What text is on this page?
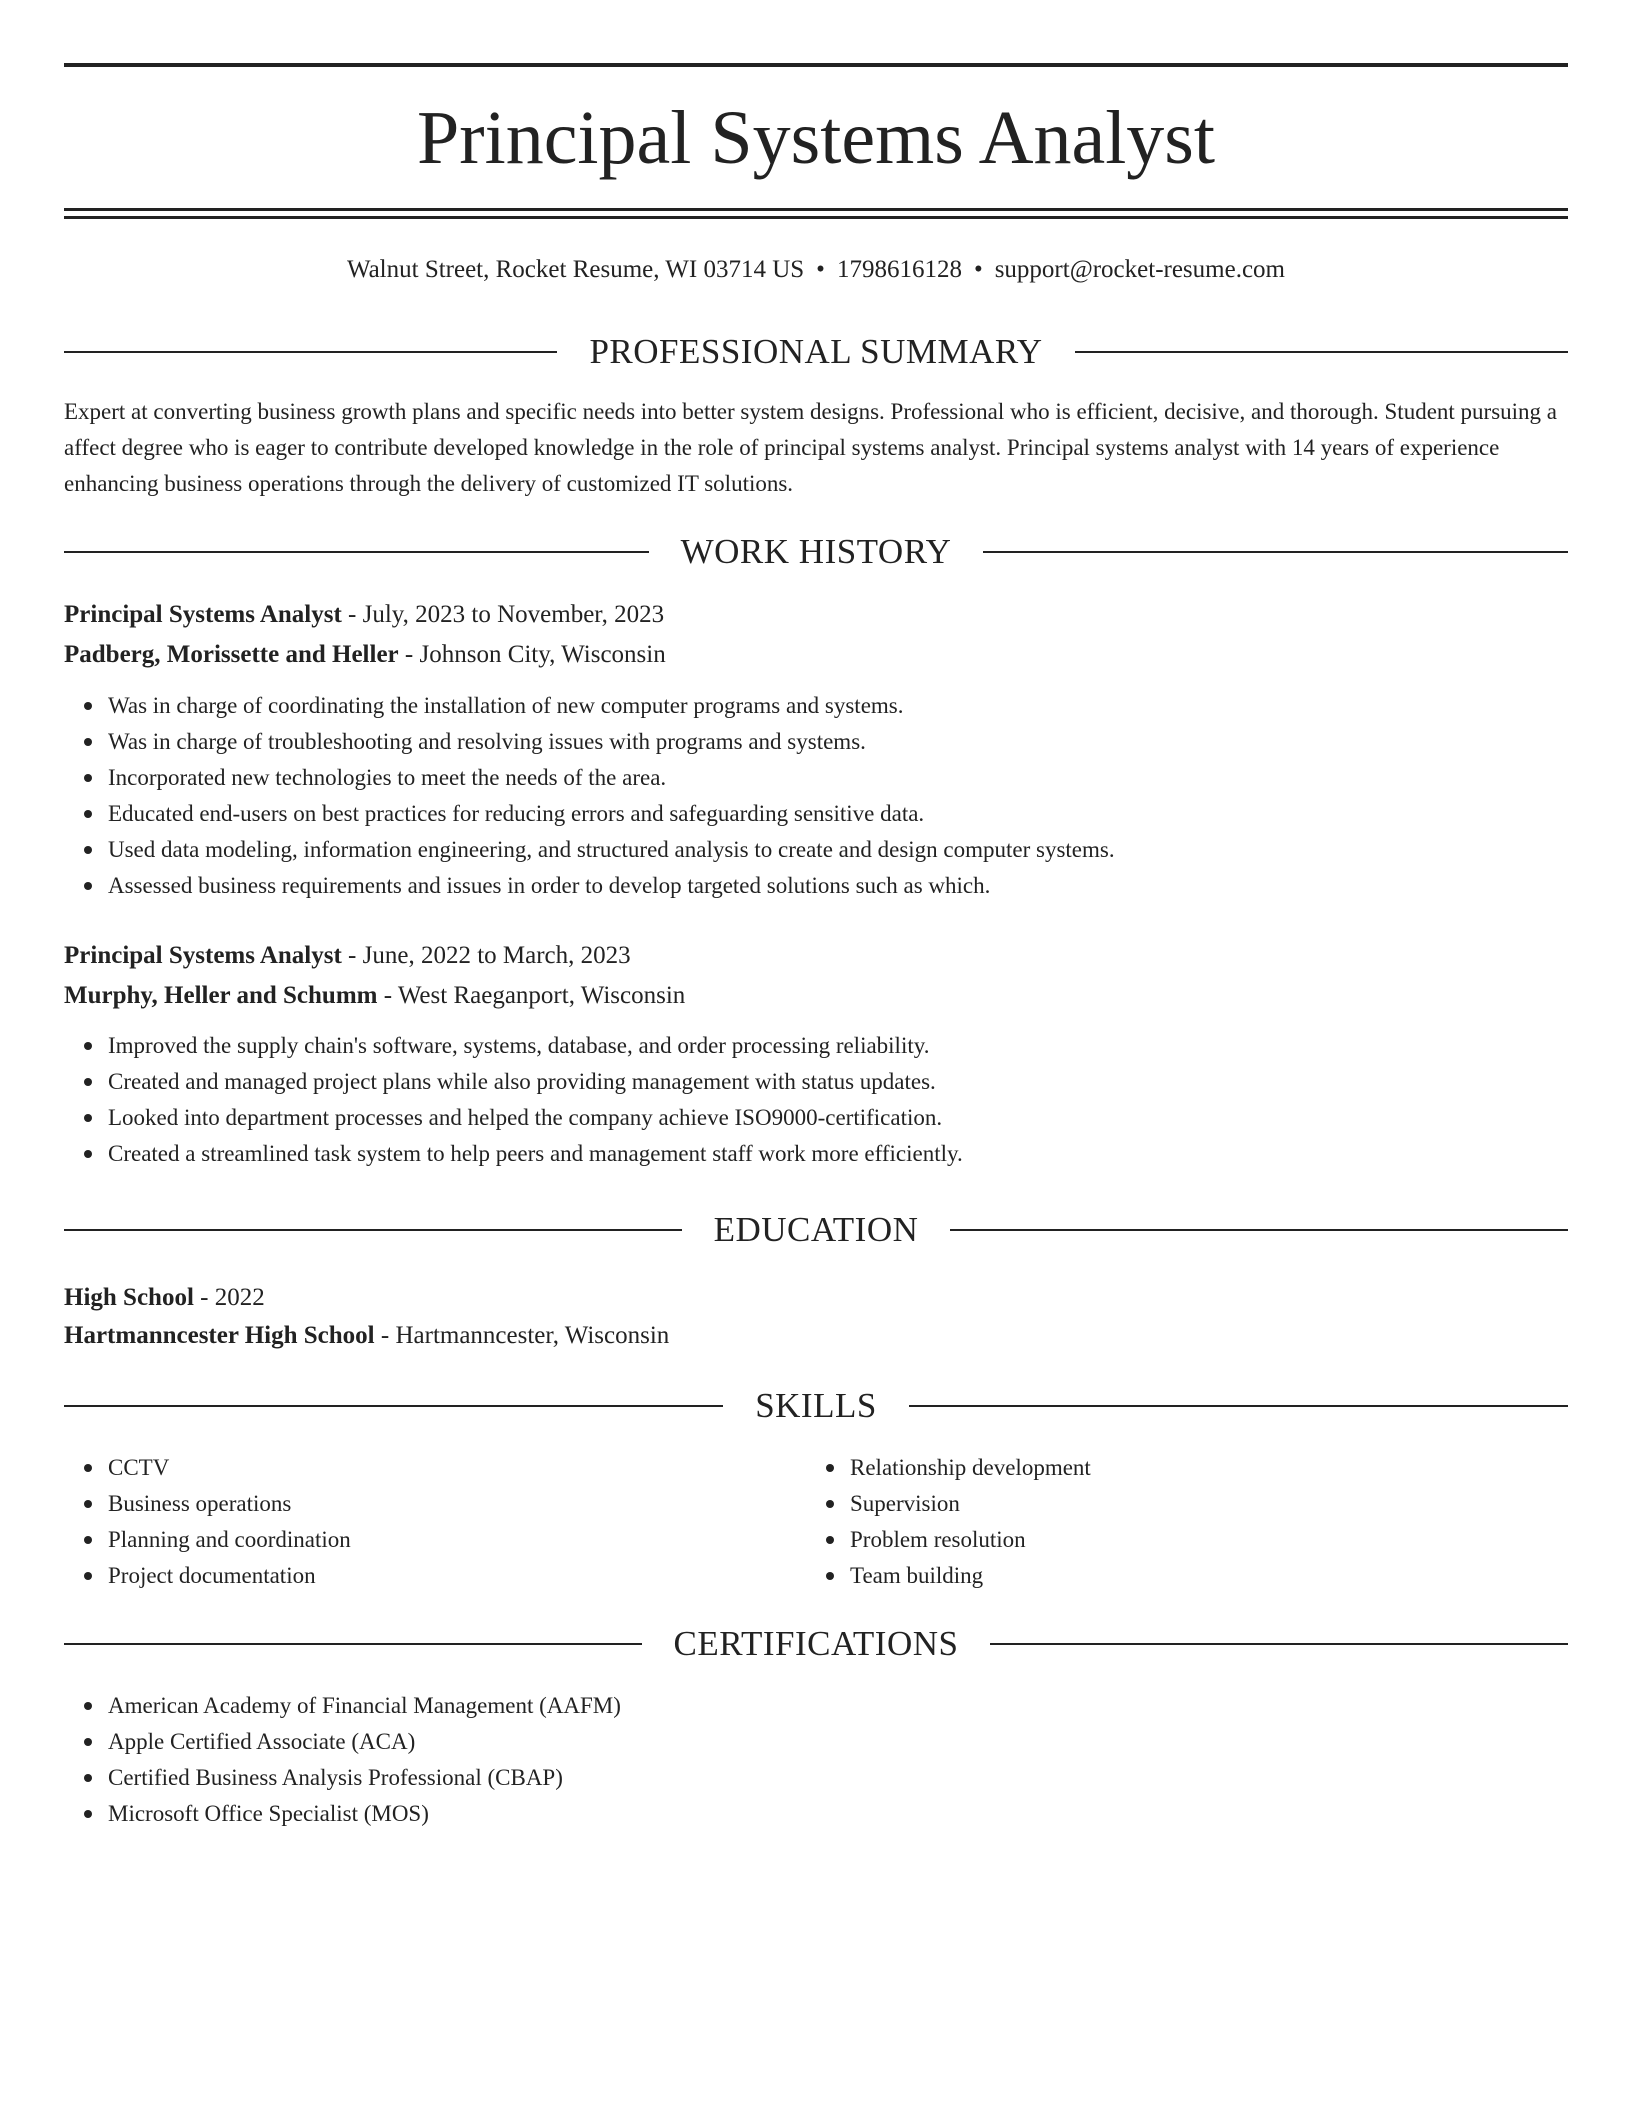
Principal Systems Analyst
Walnut Street, Rocket Resume, WI 03714 US • 1798616128 • support@rocket-resume.com
PROFESSIONAL SUMMARY

Expert at converting business growth plans and specific needs into better system designs. Professional who is efficient, decisive, and thorough. Student pursuing a affect degree who is eager to contribute developed knowledge in the role of principal systems analyst. Principal systems analyst with 14 years of experience enhancing business operations through the delivery of customized IT solutions.

WORK HISTORY
Principal Systems Analyst - July, 2023 to November, 2023
Padberg, Morissette and Heller - Johnson City, Wisconsin
Was in charge of coordinating the installation of new computer programs and systems.
Was in charge of troubleshooting and resolving issues with programs and systems.
Incorporated new technologies to meet the needs of the area.
Educated end-users on best practices for reducing errors and safeguarding sensitive data.
Used data modeling, information engineering, and structured analysis to create and design computer systems.
Assessed business requirements and issues in order to develop targeted solutions such as which.
Principal Systems Analyst - June, 2022 to March, 2023
Murphy, Heller and Schumm - West Raeganport, Wisconsin
Improved the supply chain's software, systems, database, and order processing reliability.
Created and managed project plans while also providing management with status updates.
Looked into department processes and helped the company achieve ISO9000-certification.
Created a streamlined task system to help peers and management staff work more efficiently.
EDUCATION
High School - 2022
Hartmanncester High School - Hartmanncester, Wisconsin
SKILLS
CCTV
Business operations
Planning and coordination
Project documentation
Relationship development
Supervision
Problem resolution
Team building
CERTIFICATIONS
American Academy of Financial Management (AAFM)
Apple Certified Associate (ACA)
Certified Business Analysis Professional (CBAP)
Microsoft Office Specialist (MOS)
